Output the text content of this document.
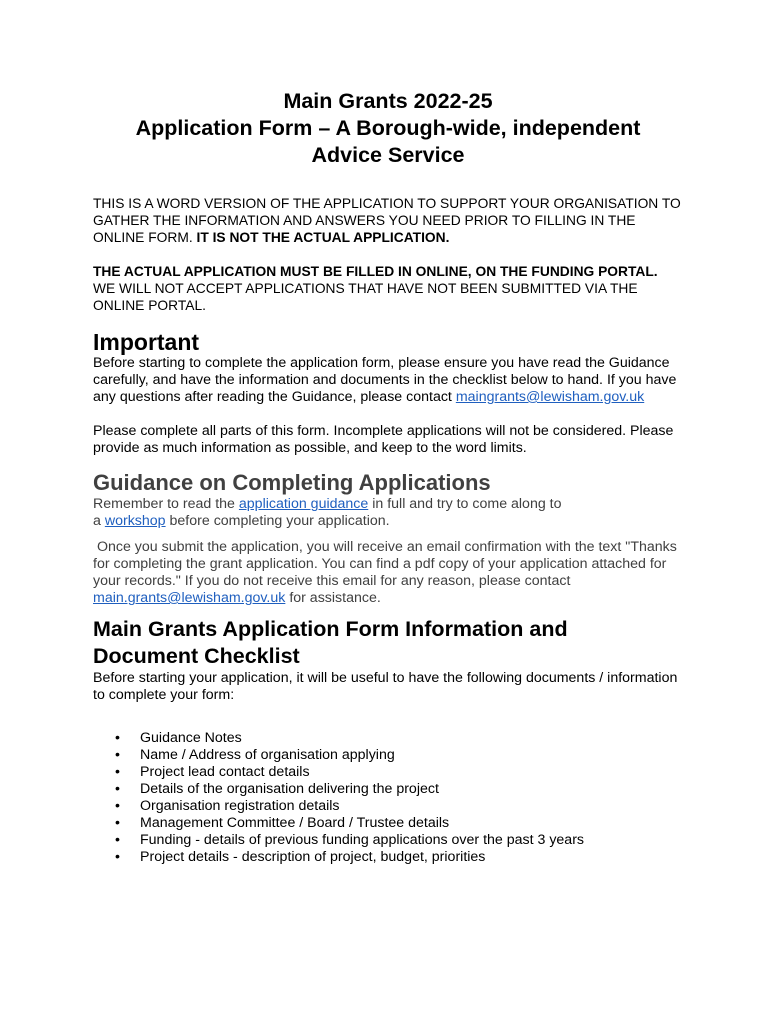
Main Grants 2022-25
Application Form – A Borough-wide, independent
Advice Service

THIS IS A WORD VERSION OF THE APPLICATION TO SUPPORT YOUR ORGANISATION TO GATHER THE INFORMATION AND ANSWERS YOU NEED PRIOR TO FILLING IN THE ONLINE FORM. IT IS NOT THE ACTUAL APPLICATION.

THE ACTUAL APPLICATION MUST BE FILLED IN ONLINE, ON THE FUNDING PORTAL. WE WILL NOT ACCEPT APPLICATIONS THAT HAVE NOT BEEN SUBMITTED VIA THE ONLINE PORTAL.

Important

Before starting to complete the application form, please ensure you have read the Guidance carefully, and have the information and documents in the checklist below to hand. If you have any questions after reading the Guidance, please contact maingrants@lewisham.gov.uk

Please complete all parts of this form. Incomplete applications will not be considered. Please provide as much information as possible, and keep to the word limits.

Guidance on Completing Applications

Remember to read the application guidance in full and try to come along to
a workshop before completing your application.

Once you submit the application, you will receive an email confirmation with the text "Thanks for completing the grant application. You can find a pdf copy of your application attached for your records." If you do not receive this email for any reason, please contact main.grants@lewisham.gov.uk for assistance.

Main Grants Application Form Information and
Document Checklist

Before starting your application, it will be useful to have the following documents / information to complete your form:

• Guidance Notes
• Name / Address of organisation applying
• Project lead contact details
• Details of the organisation delivering the project
• Organisation registration details
• Management Committee / Board / Trustee details
• Funding - details of previous funding applications over the past 3 years
• Project details - description of project, budget, priorities
